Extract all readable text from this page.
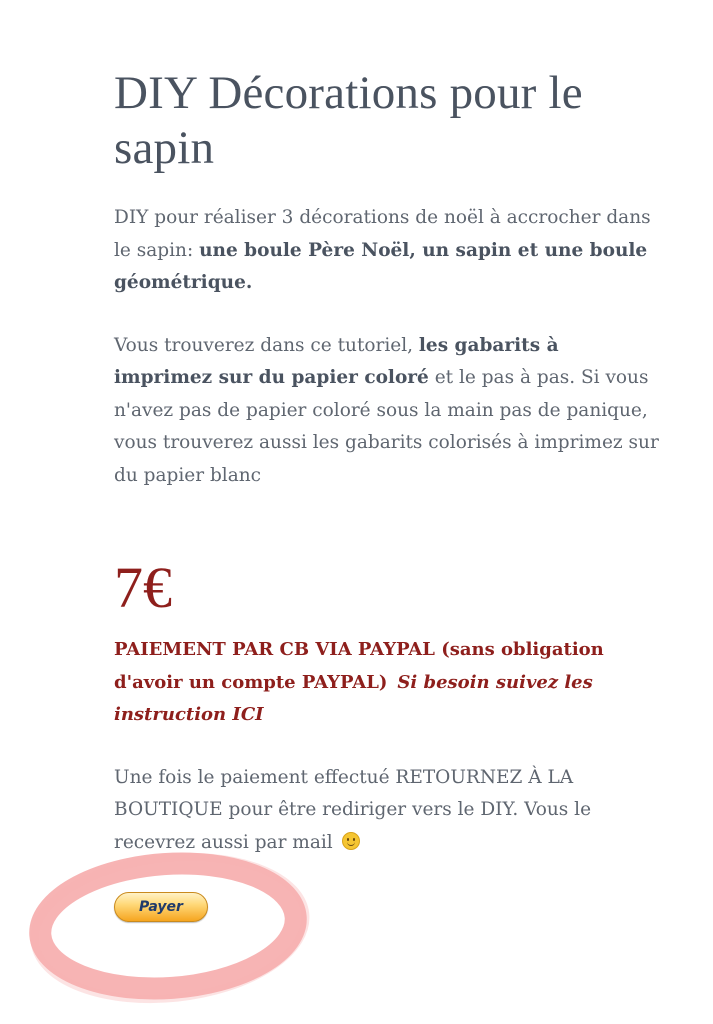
DIY Décorations pour le sapin

DIY pour réaliser 3 décorations de noël à accrocher dans le sapin: une boule Père Noël, un sapin et une boule géométrique.

Vous trouverez dans ce tutoriel, les gabarits à imprimez sur du papier coloré et le pas à pas. Si vous n'avez pas de papier coloré sous la main pas de panique, vous trouverez aussi les gabarits colorisés à imprimez sur du papier blanc

7€
PAIEMENT PAR CB VIA PAYPAL (sans obligation d'avoir un compte PAYPAL) Si besoin suivez les instruction ICI

Une fois le paiement effectué RETOURNEZ À LA BOUTIQUE pour être rediriger vers le DIY. Vous le recevrez aussi par mail

Payer
